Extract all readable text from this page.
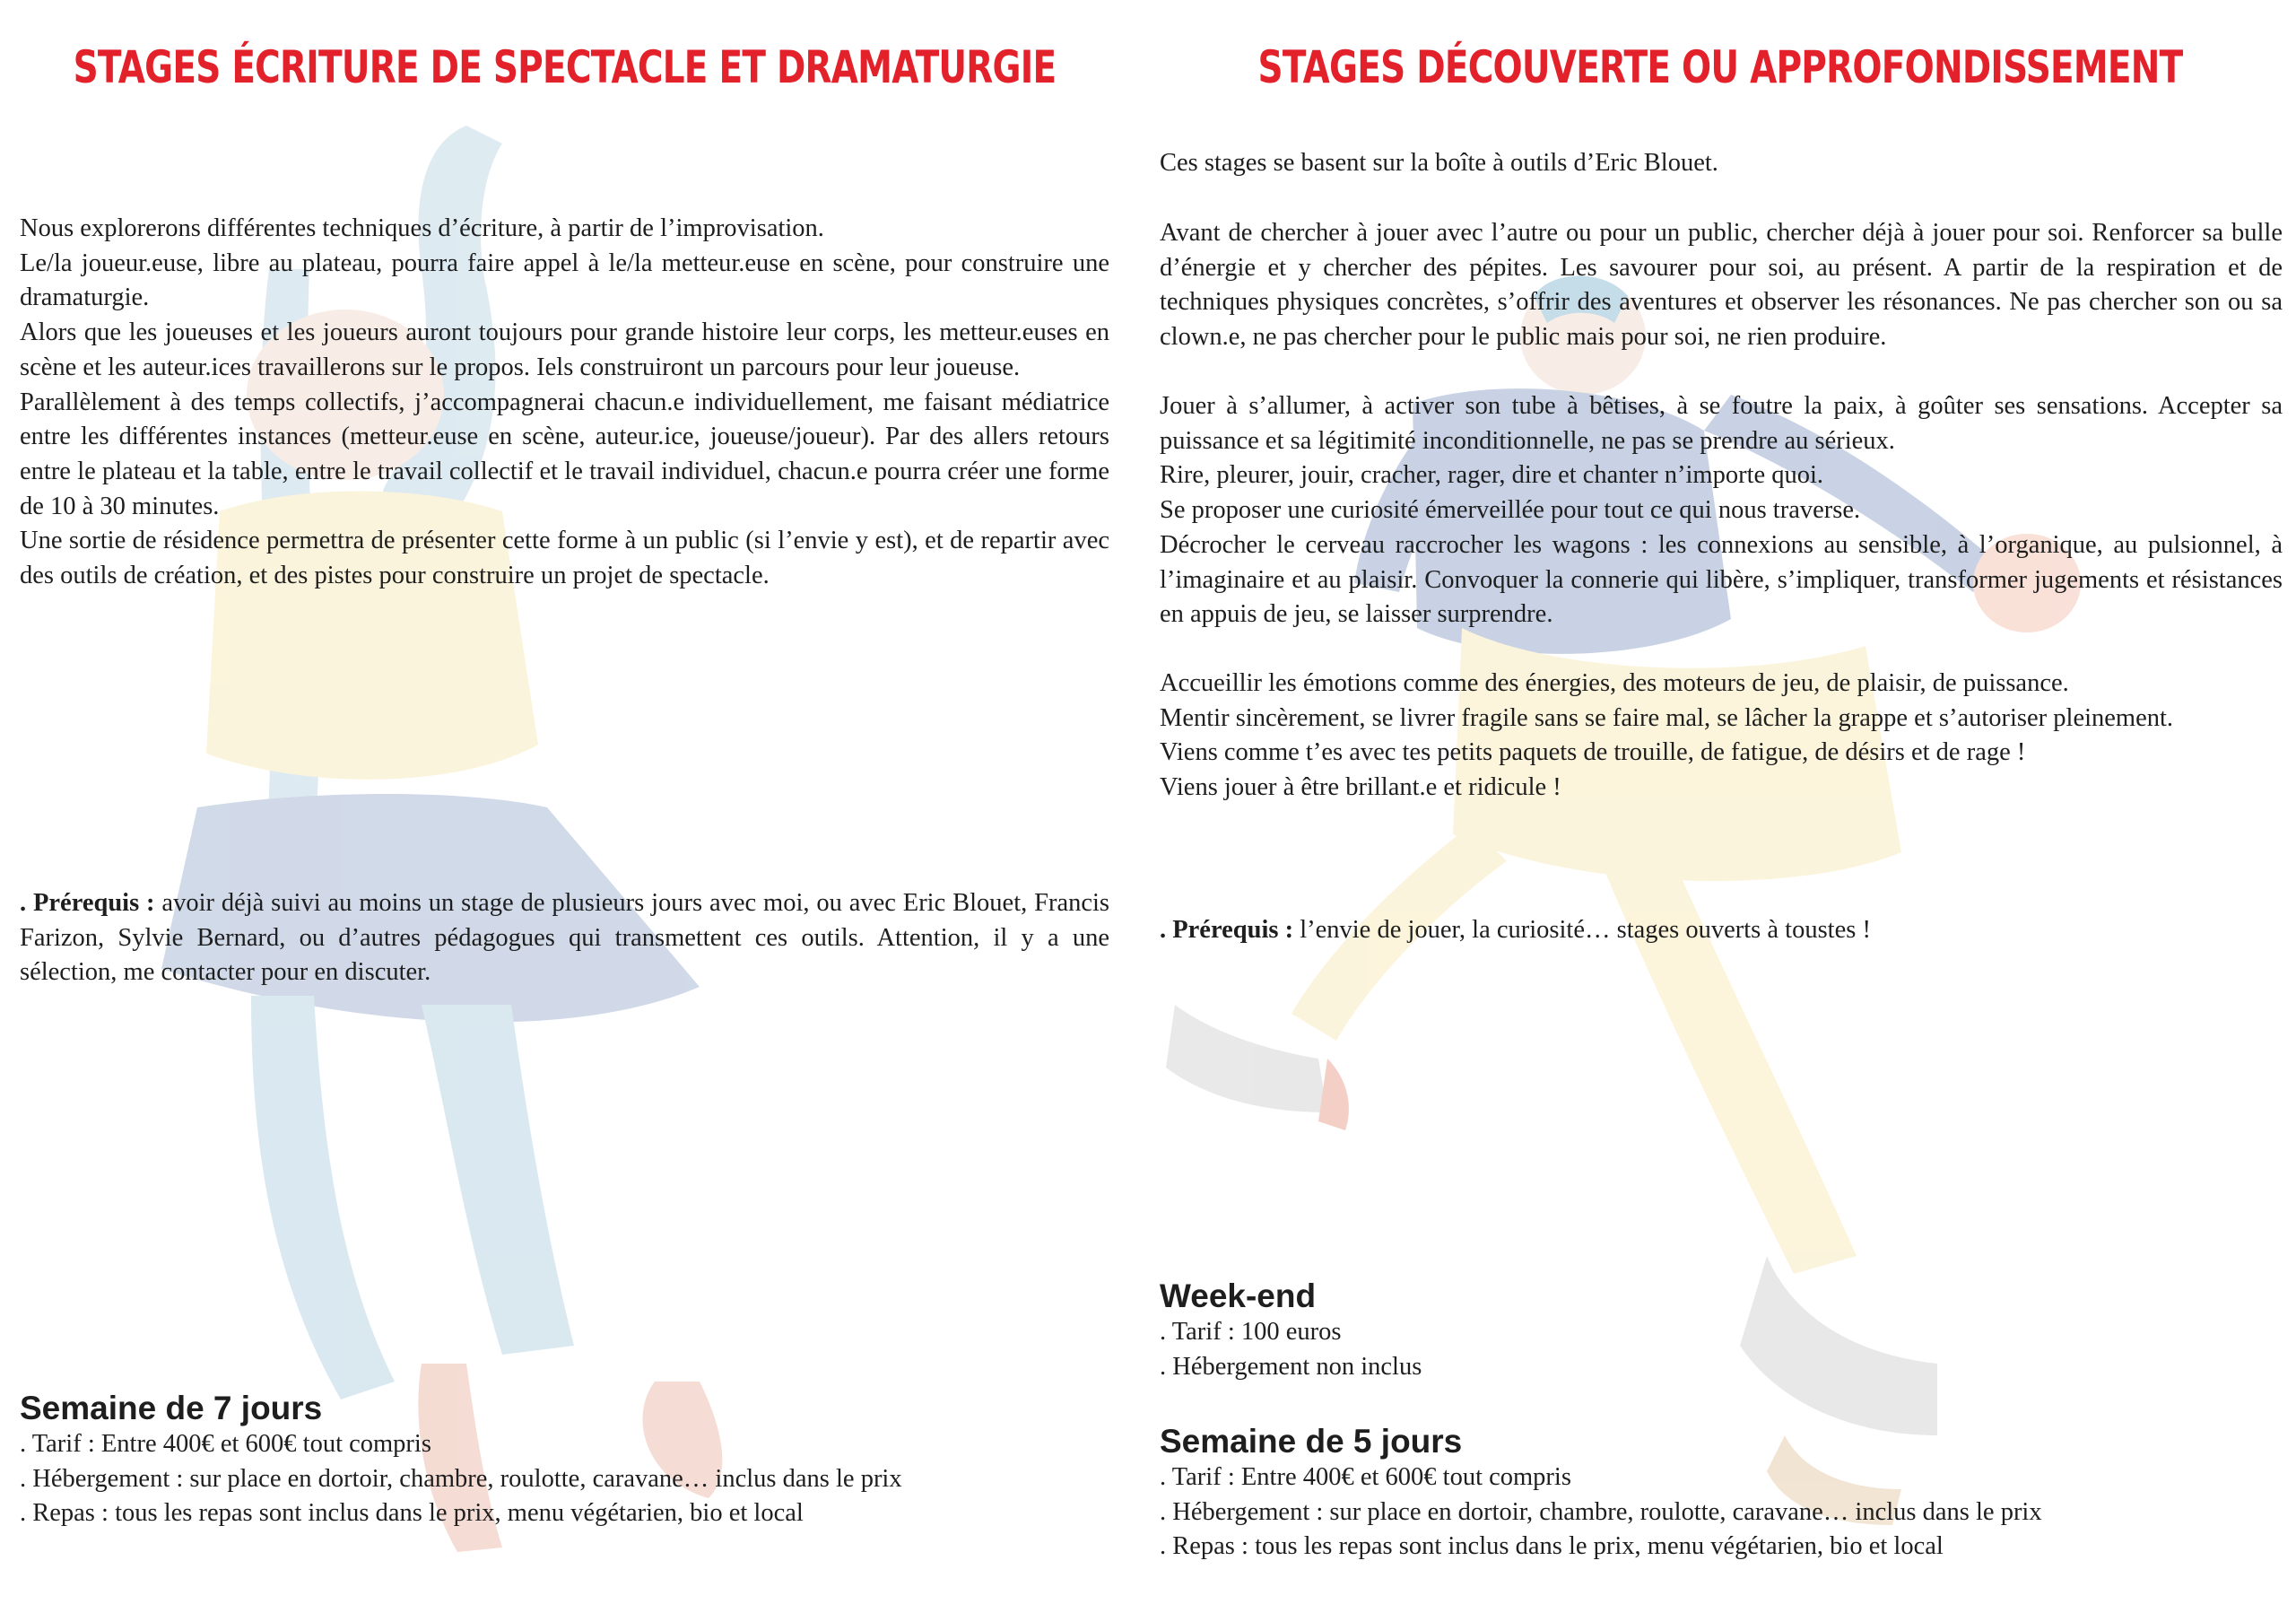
STAGES ÉCRITURE DE SPECTACLE ET DRAMATURGIE

Nous explorerons différentes techniques d’écriture, à partir de l’improvisation.

Le/la joueur.euse, libre au plateau, pourra faire appel à le/la metteur.euse en scène, pour construire une dramaturgie.

Alors que les joueuses et les joueurs auront toujours pour grande histoire leur corps, les metteur.euses en scène et les auteur.ices travaillerons sur le propos. Iels construiront un parcours pour leur joueuse.

Parallèlement à des temps collectifs, j’accompagnerai chacun.e individuellement, me faisant médiatrice entre les différentes instances (metteur.euse en scène, auteur.ice, joueuse/joueur). Par des allers retours entre le plateau et la table, entre le travail collectif et le travail individuel, chacun.e pourra créer une forme de 10 à 30 minutes.

Une sortie de résidence permettra de présenter cette forme à un public (si l’envie y est), et de repartir avec des outils de création, et des pistes pour construire un projet de spectacle.

. Prérequis : avoir déjà suivi au moins un stage de plusieurs jours avec moi, ou avec Eric Blouet, Francis Farizon, Sylvie Bernard, ou d’autres pédagogues qui transmettent ces outils. Attention, il y a une sélection, me contacter pour en discuter.

Semaine de 7 jours

. Tarif : Entre 400€ et 600€ tout compris

. Hébergement : sur place en dortoir, chambre, roulotte, caravane… inclus dans le prix

. Repas : tous les repas sont inclus dans le prix, menu végétarien, bio et local

STAGES DÉCOUVERTE OU APPROFONDISSEMENT

Ces stages se basent sur la boîte à outils d’Eric Blouet.

Avant de chercher à jouer avec l’autre ou pour un public, chercher déjà à jouer pour soi. Renforcer sa bulle d’énergie et y chercher des pépites. Les savourer pour soi, au présent. A partir de la respiration et de techniques physiques concrètes, s’offrir des aventures et observer les résonances. Ne pas chercher son ou sa clown.e, ne pas chercher pour le public mais pour soi, ne rien produire.

Jouer à s’allumer, à activer son tube à bêtises, à se foutre la paix, à goûter ses sensations. Accepter sa puissance et sa légitimité inconditionnelle, ne pas se prendre au sérieux.

Rire, pleurer, jouir, cracher, rager, dire et chanter n’importe quoi.

Se proposer une curiosité émerveillée pour tout ce qui nous traverse.

Décrocher le cerveau raccrocher les wagons : les connexions au sensible, à l’organique, au pulsionnel, à l’imaginaire et au plaisir. Convoquer la connerie qui libère, s’impliquer, transformer jugements et résistances en appuis de jeu, se laisser surprendre.

Accueillir les émotions comme des énergies, des moteurs de jeu, de plaisir, de puissance.

Mentir sincèrement, se livrer fragile sans se faire mal, se lâcher la grappe et s’autoriser pleinement.

Viens comme t’es avec tes petits paquets de trouille, de fatigue, de désirs et de rage !

Viens jouer à être brillant.e et ridicule !

. Prérequis : l’envie de jouer, la curiosité… stages ouverts à toustes !

Week-end

. Tarif : 100 euros

. Hébergement non inclus

Semaine de 5 jours

. Tarif : Entre 400€ et 600€ tout compris

. Hébergement : sur place en dortoir, chambre, roulotte, caravane… inclus dans le prix

. Repas : tous les repas sont inclus dans le prix, menu végétarien, bio et local
